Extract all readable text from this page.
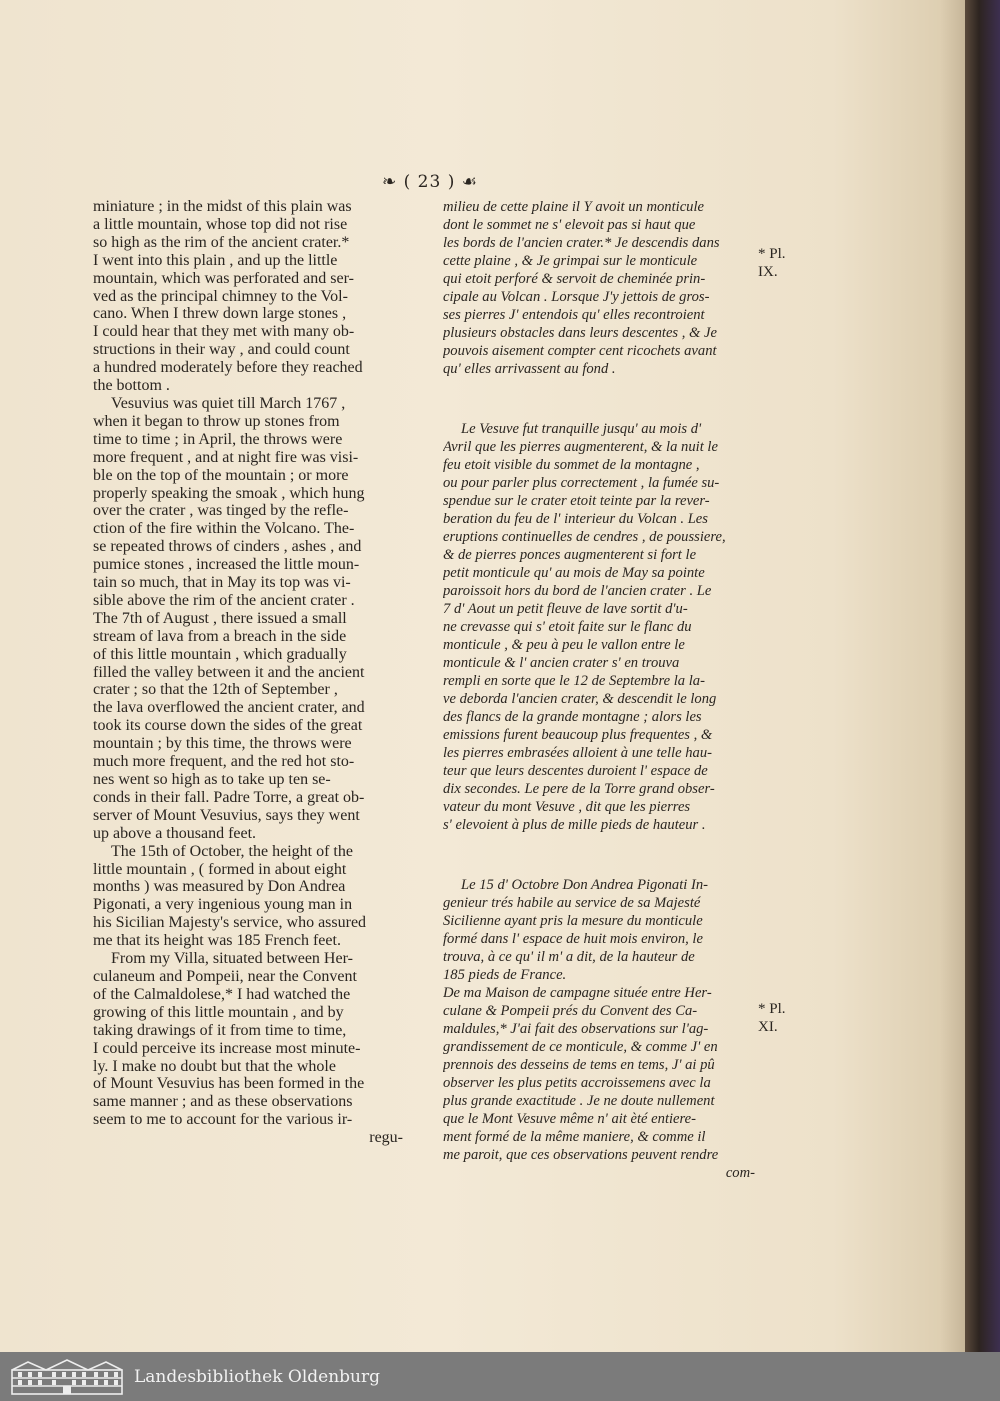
❧ ( 23 ) ☙
miniature ; in the midst of this plain was
a little mountain, whose top did not rise
so high as the rim of the ancient crater.*
I went into this plain , and up the little
mountain, which was perforated and ser-
ved as the principal chimney to the Vol-
cano. When I threw down large stones ,
I could hear that they met with many ob-
structions in their way , and could count
a hundred moderately before they reached
the bottom .
Vesuvius was quiet till March 1767 ,
when it began to throw up stones from
time to time ; in April, the throws were
more frequent , and at night fire was visi-
ble on the top of the mountain ; or more
properly speaking the smoak , which hung
over the crater , was tinged by the refle-
ction of the fire within the Volcano. The-
se repeated throws of cinders , ashes , and
pumice stones , increased the little moun-
tain so much, that in May its top was vi-
sible above the rim of the ancient crater .
The 7th of August , there issued a small
stream of lava from a breach in the side
of this little mountain , which gradually
filled the valley between it and the ancient
crater ; so that the 12th of September ,
the lava overflowed the ancient crater, and
took its course down the sides of the great
mountain ; by this time, the throws were
much more frequent, and the red hot sto-
nes went so high as to take up ten se-
conds in their fall. Padre Torre, a great ob-
server of Mount Vesuvius, says they went
up above a thousand feet.
The 15th of October, the height of the
little mountain , ( formed in about eight
months ) was measured by Don Andrea
Pigonati, a very ingenious young man in
his Sicilian Majesty's service, who assured
me that its height was 185 French feet.
From my Villa, situated between Her-
culaneum and Pompeii, near the Convent
of the Calmaldolese,* I had watched the
growing of this little mountain , and by
taking drawings of it from time to time,
I could perceive its increase most minute-
ly. I make no doubt but that the whole
of Mount Vesuvius has been formed in the
same manner ; and as these observations
seem to me to account for the various ir-
regu-
milieu de cette plaine il Y avoit un monticule
dont le sommet ne s' elevoit pas si haut que
les bords de l'ancien crater.* Je descendis dans
cette plaine , & Je grimpai sur le monticule
qui etoit perforé & servoit de cheminée prin-
cipale au Volcan . Lorsque J'y jettois de gros-
ses pierres J' entendois qu' elles recontroient
plusieurs obstacles dans leurs descentes , & Je
pouvois aisement compter cent ricochets avant
qu' elles arrivassent au fond .
Le Vesuve fut tranquille jusqu' au mois d'
Avril que les pierres augmenterent, & la nuit le
feu etoit visible du sommet de la montagne ,
ou pour parler plus correctement , la fumée su-
spendue sur le crater etoit teinte par la rever-
beration du feu de l' interieur du Volcan . Les
eruptions continuelles de cendres , de poussiere,
& de pierres ponces augmenterent si fort le
petit monticule qu' au mois de May sa pointe
paroissoit hors du bord de l'ancien crater . Le
7 d' Aout un petit fleuve de lave sortit d'u-
ne crevasse qui s' etoit faite sur le flanc du
monticule , & peu à peu le vallon entre le
monticule & l' ancien crater s' en trouva
rempli en sorte que le 12 de Septembre la la-
ve deborda l'ancien crater, & descendit le long
des flancs de la grande montagne ; alors les
emissions furent beaucoup plus frequentes , &
les pierres embrasées alloient à une telle hau-
teur que leurs descentes duroient l' espace de
dix secondes. Le pere de la Torre grand obser-
vateur du mont Vesuve , dit que les pierres
s' elevoient à plus de mille pieds de hauteur .
Le 15 d' Octobre Don Andrea Pigonati In-
genieur trés habile au service de sa Majesté
Sicilienne ayant pris la mesure du monticule
formé dans l' espace de huit mois environ, le
trouva, à ce qu' il m' a dit, de la hauteur de
185 pieds de France.
De ma Maison de campagne située entre Her-
culane & Pompeii prés du Convent des Ca-
maldules,* J'ai fait des observations sur l'ag-
grandissement de ce monticule, & comme J' en
prennois des desseins de tems en tems, J' ai pû
observer les plus petits accroissemens avec la
plus grande exactitude . Je ne doute nullement
que le Mont Vesuve même n' ait èté entiere-
ment formé de la même maniere, & comme il
me paroit, que ces observations peuvent rendre
com-
* Pl.
IX.
* Pl.
XI.
Landesbibliothek Oldenburg
